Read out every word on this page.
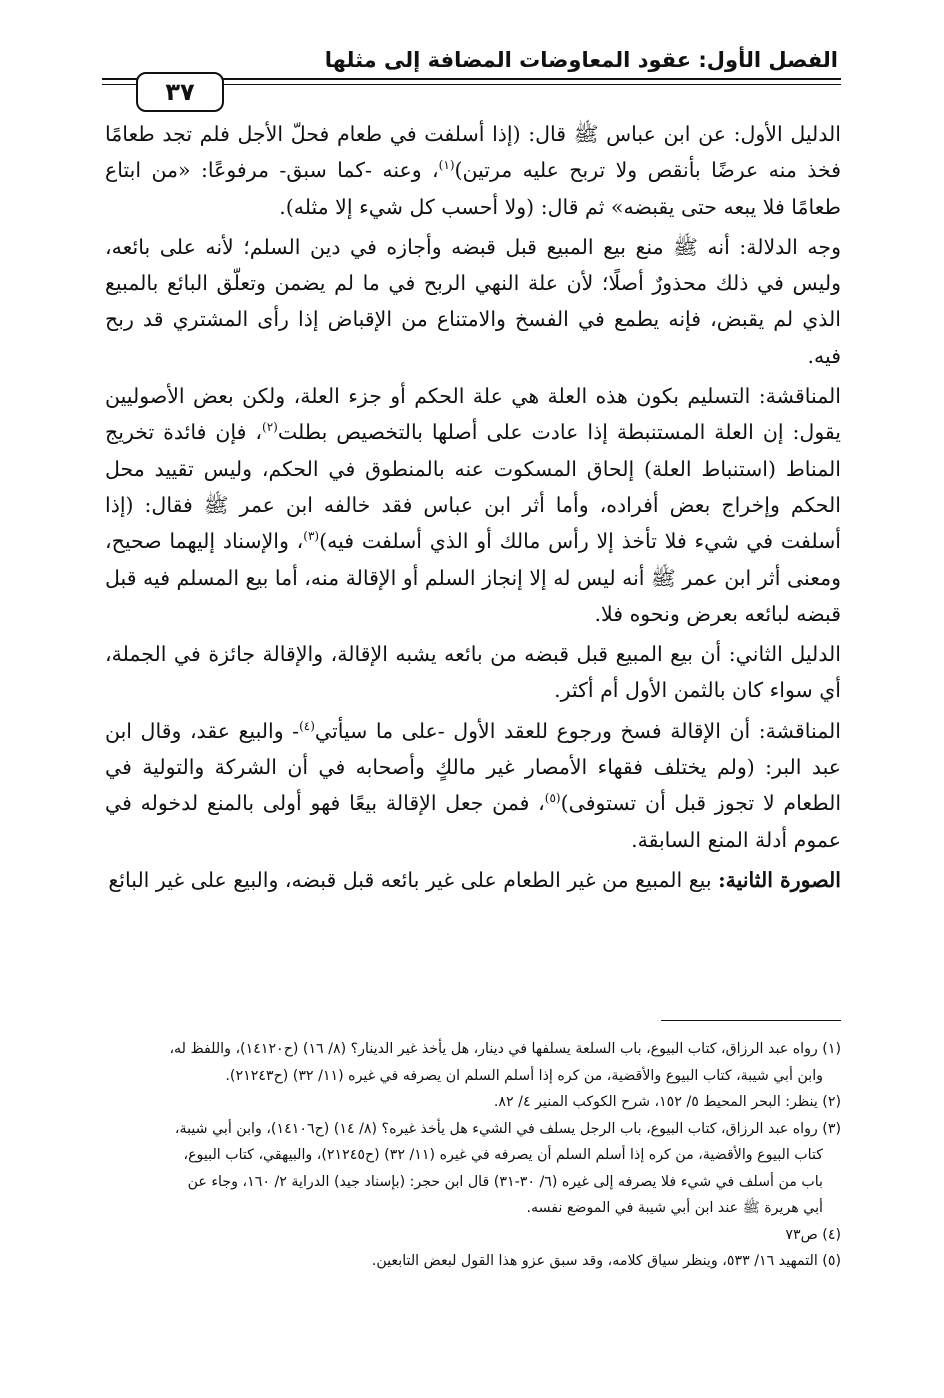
الفصل الأول: عقود المعاوضات المضافة إلى مثلها
٣٧

الدليل الأول: عن ابن عباس ﷺ قال: (إذا أسلفت في طعام فحلّ الأجل فلم تجد طعامًا فخذ منه عرضًا بأنقص ولا تربح عليه مرتين)$^{(١)}$، وعنه -كما سبق- مرفوعًا: «من ابتاع طعامًا فلا يبعه حتى يقبضه» ثم قال: (ولا أحسب كل شيء إلا مثله).

وجه الدلالة: أنه ﷺ منع بيع المبيع قبل قبضه وأجازه في دين السلم؛ لأنه على بائعه، وليس في ذلك محذورٌ أصلًا؛ لأن علة النهي الربح في ما لم يضمن وتعلّق البائع بالمبيع الذي لم يقبض، فإنه يطمع في الفسخ والامتناع من الإقباض إذا رأى المشتري قد ربح فيه.

المناقشة: التسليم بكون هذه العلة هي علة الحكم أو جزء العلة، ولكن بعض الأصوليين يقول: إن العلة المستنبطة إذا عادت على أصلها بالتخصيص بطلت$^{(٢)}$، فإن فائدة تخريج المناط (استنباط العلة) إلحاق المسكوت عنه بالمنطوق في الحكم، وليس تقييد محل الحكم وإخراج بعض أفراده، وأما أثر ابن عباس فقد خالفه ابن عمر ﷺ فقال: (إذا أسلفت في شيء فلا تأخذ إلا رأس مالك أو الذي أسلفت فيه)$^{(٣)}$، والإسناد إليهما صحيح، ومعنى أثر ابن عمر ﷺ أنه ليس له إلا إنجاز السلم أو الإقالة منه، أما بيع المسلم فيه قبل قبضه لبائعه بعرض ونحوه فلا.

الدليل الثاني: أن بيع المبيع قبل قبضه من بائعه يشبه الإقالة، والإقالة جائزة في الجملة، أي سواء كان بالثمن الأول أم أكثر.

المناقشة: أن الإقالة فسخ ورجوع للعقد الأول -على ما سيأتي$^{(٤)}$- والبيع عقد، وقال ابن عبد البر: (ولم يختلف فقهاء الأمصار غير مالكٍ وأصحابه في أن الشركة والتولية في الطعام لا تجوز قبل أن تستوفى)$^{(٥)}$، فمن جعل الإقالة بيعًا فهو أولى بالمنع لدخوله في عموم أدلة المنع السابقة.

الصورة الثانية: بيع المبيع من غير الطعام على غير بائعه قبل قبضه، والبيع على غير البائع

(١) رواه عبد الرزاق، كتاب البيوع، باب السلعة يسلفها في دينار، هل يأخذ غير الدينار؟ (٨/ ١٦) (ح١٤١٢٠)، واللفظ له،

وابن أبي شيبة، كتاب البيوع والأقضية، من كره إذا أسلم السلم ان يصرفه في غيره (١١/ ٣٢) (ح٢١٢٤٣).

(٢) ينظر: البحر المحيط ٥/ ١٥٢، شرح الكوكب المنير ٤/ ٨٢.

(٣) رواه عبد الرزاق، كتاب البيوع، باب الرجل يسلف في الشيء هل يأخذ غيره؟ (٨/ ١٤) (ح١٤١٠٦)، وابن أبي شيبة،

كتاب البيوع والأقضية، من كره إذا أسلم السلم أن يصرفه في غيره (١١/ ٣٢) (ح٢١٢٤٥)، والبيهقي، كتاب البيوع،

باب من أسلف في شيء فلا يصرفه إلى غيره (٦/ ٣٠-٣١) قال ابن حجر: (بإسناد جيد) الدراية ٢/ ١٦٠، وجاء عن

أبي هريرة ﷺ عند ابن أبي شيبة في الموضع نفسه.

(٤) ص٧٣

(٥) التمهيد ١٦/ ٥٣٣، وينظر سياق كلامه، وقد سبق عزو هذا القول لبعض التابعين.
